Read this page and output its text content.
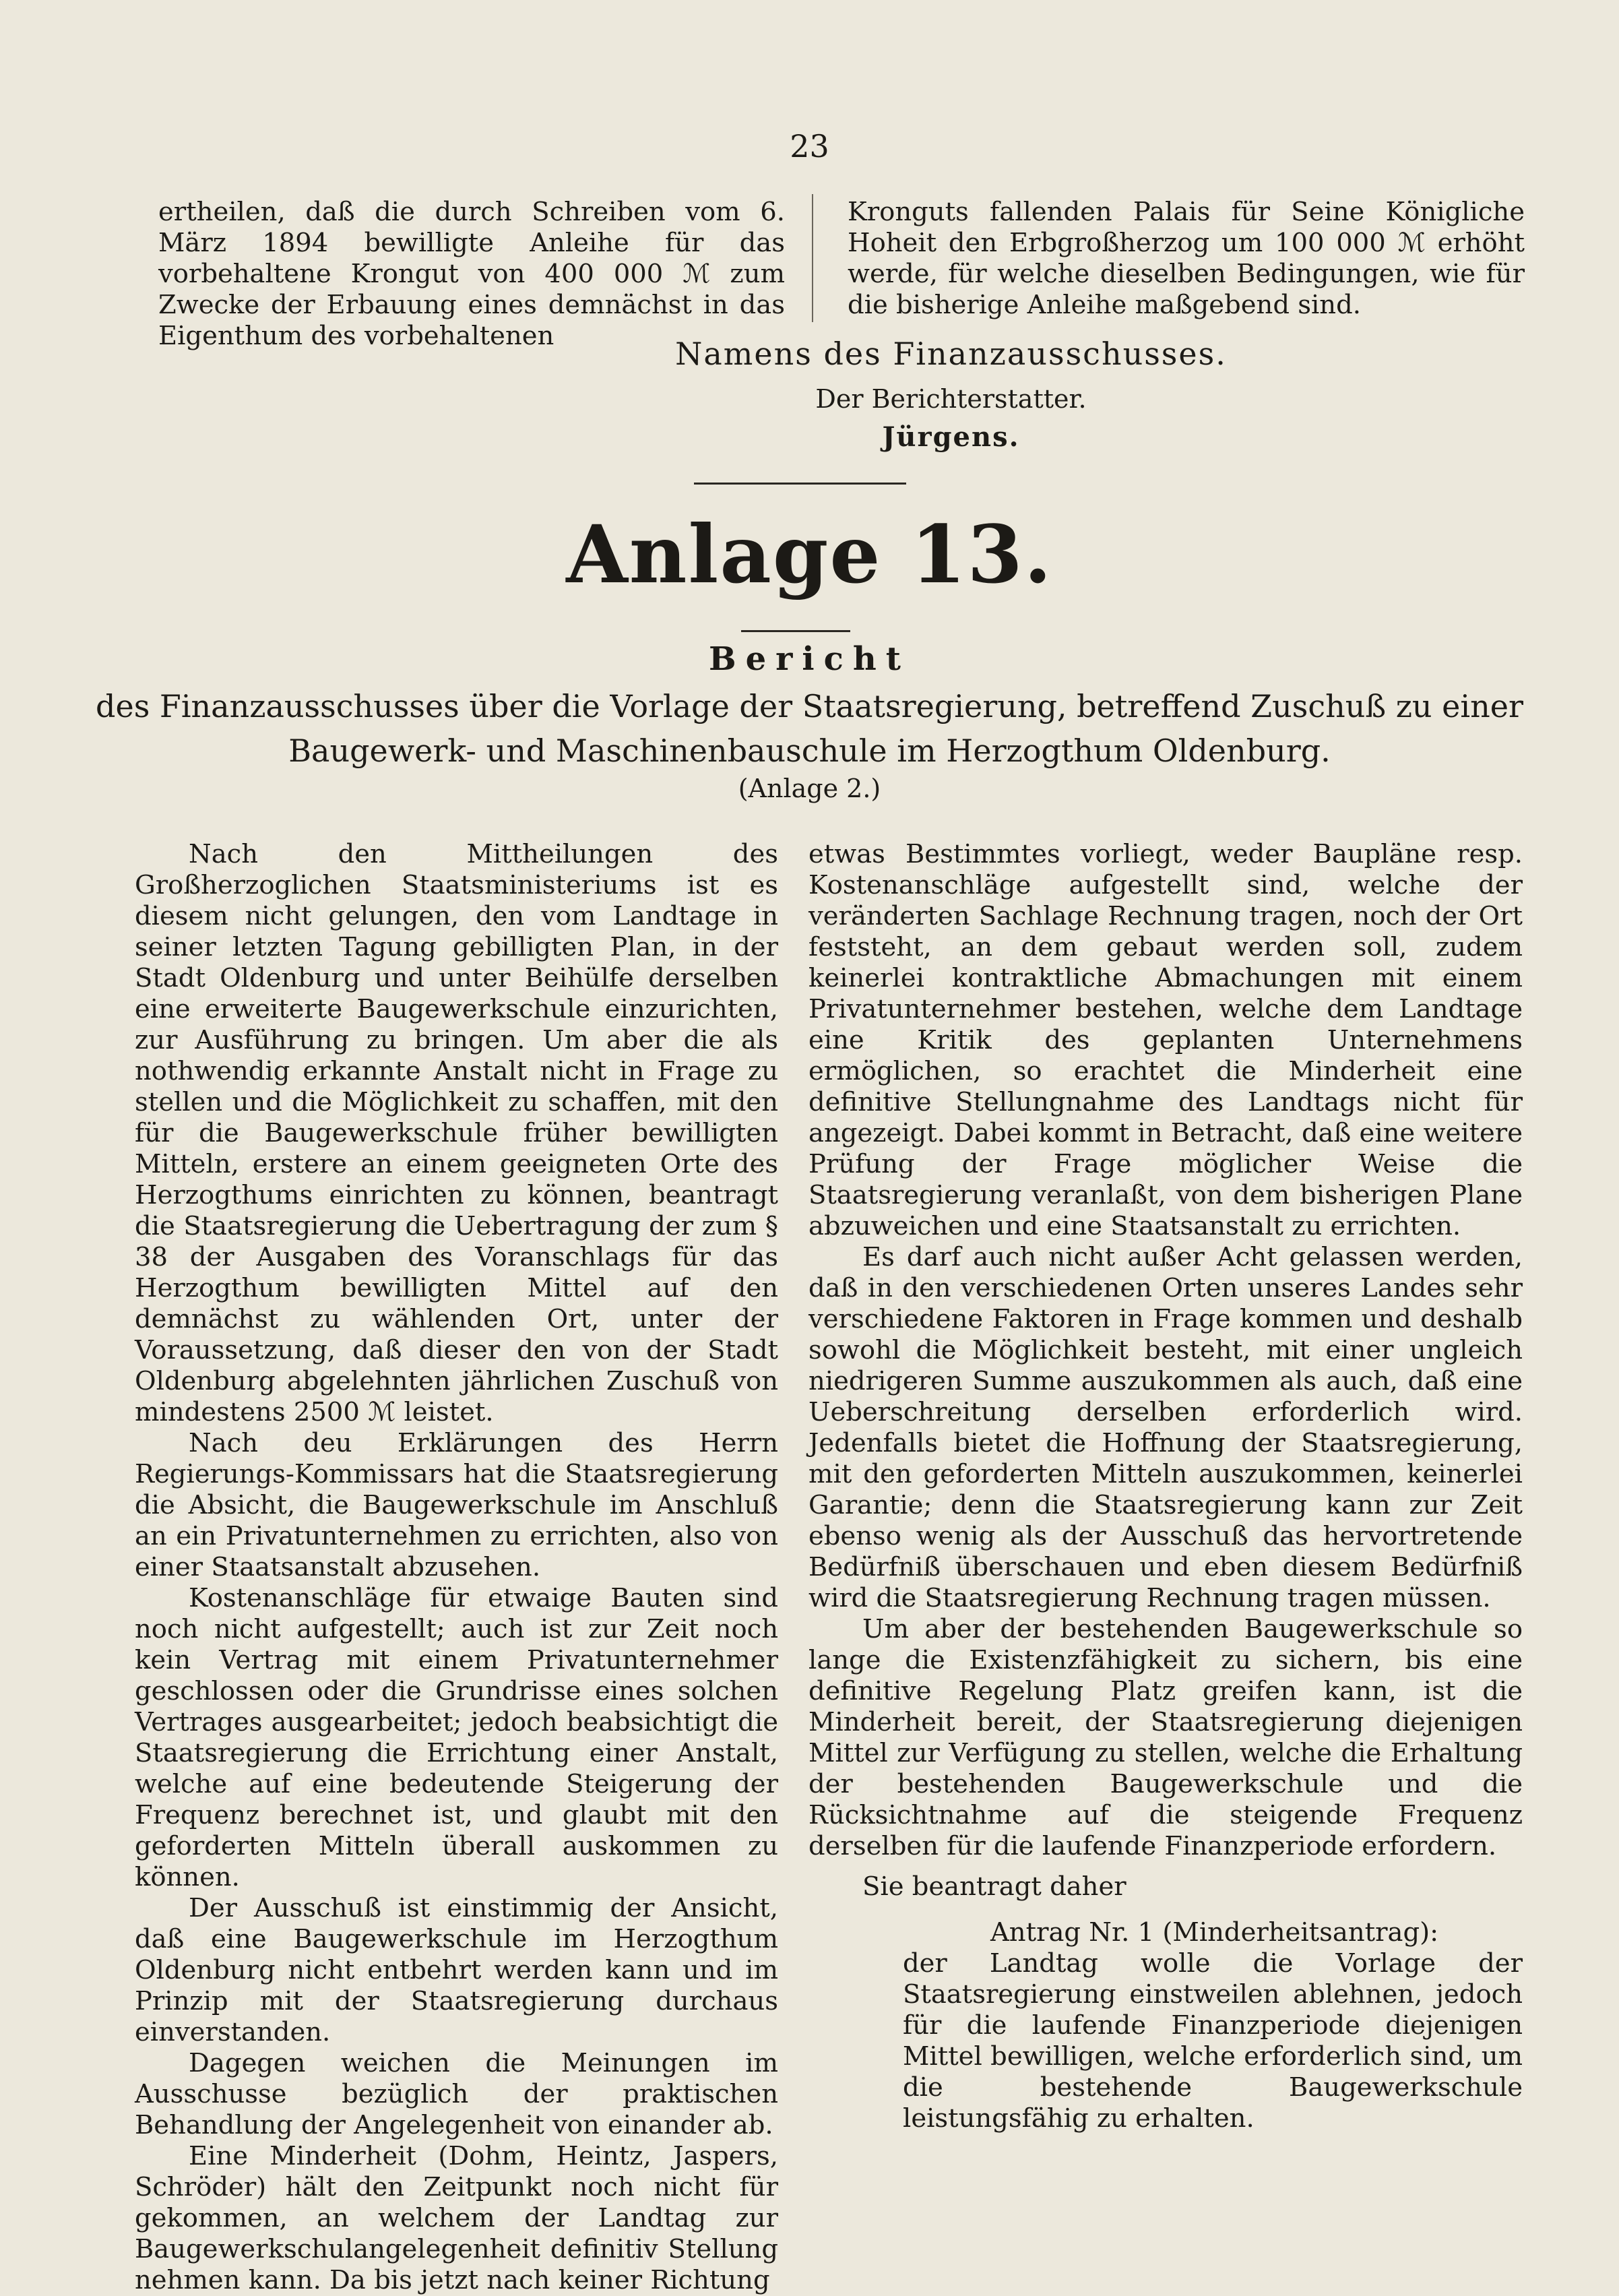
23

ertheilen, daß die durch Schreiben vom 6. März 1894 bewilligte Anleihe für das vorbehaltene Krongut von 400 000 ℳ zum Zwecke der Erbauung eines demnächst in das Eigenthum des vorbehaltenen

Kronguts fallenden Palais für Seine Königliche Hoheit den Erbgroßherzog um 100 000 ℳ erhöht werde, für welche dieselben Bedingungen, wie für die bisherige Anleihe maßgebend sind.

Namens des Finanzausschusses.
Der Berichterstatter.
Jürgens.
Anlage 13.
Bericht
des Finanzausschusses über die Vorlage der Staatsregierung, betreffend Zuschuß zu einer Baugewerk- und Maschinenbauschule im Herzogthum Oldenburg.
(Anlage 2.)

Nach den Mittheilungen des Großherzoglichen Staatsministeriums ist es diesem nicht gelungen, den vom Landtage in seiner letzten Tagung gebilligten Plan, in der Stadt Oldenburg und unter Beihülfe derselben eine erweiterte Baugewerkschule einzurichten, zur Ausführung zu bringen. Um aber die als nothwendig erkannte Anstalt nicht in Frage zu stellen und die Möglichkeit zu schaffen, mit den für die Baugewerkschule früher bewilligten Mitteln, erstere an einem geeigneten Orte des Herzogthums einrichten zu können, beantragt die Staatsregierung die Uebertragung der zum § 38 der Ausgaben des Voranschlags für das Herzogthum bewilligten Mittel auf den demnächst zu wählenden Ort, unter der Voraussetzung, daß dieser den von der Stadt Oldenburg abgelehnten jährlichen Zuschuß von mindestens 2500 ℳ leistet.

Nach deu Erklärungen des Herrn Regierungs-Kommissars hat die Staatsregierung die Absicht, die Baugewerkschule im Anschluß an ein Privatunternehmen zu errichten, also von einer Staatsanstalt abzusehen.

Kostenanschläge für etwaige Bauten sind noch nicht aufgestellt; auch ist zur Zeit noch kein Vertrag mit einem Privatunternehmer geschlossen oder die Grundrisse eines solchen Vertrages ausgearbeitet; jedoch beabsichtigt die Staatsregierung die Errichtung einer Anstalt, welche auf eine bedeutende Steigerung der Frequenz berechnet ist, und glaubt mit den geforderten Mitteln überall auskommen zu können.

Der Ausschuß ist einstimmig der Ansicht, daß eine Baugewerkschule im Herzogthum Oldenburg nicht entbehrt werden kann und im Prinzip mit der Staatsregierung durchaus einverstanden.

Dagegen weichen die Meinungen im Ausschusse bezüglich der praktischen Behandlung der Angelegenheit von einander ab.

Eine Minderheit (Dohm, Heintz, Jaspers, Schröder) hält den Zeitpunkt noch nicht für gekommen, an welchem der Landtag zur Baugewerkschulangelegenheit definitiv Stellung nehmen kann. Da bis jetzt nach keiner Richtung

etwas Bestimmtes vorliegt, weder Baupläne resp. Kostenanschläge aufgestellt sind, welche der veränderten Sachlage Rechnung tragen, noch der Ort feststeht, an dem gebaut werden soll, zudem keinerlei kontraktliche Abmachungen mit einem Privatunternehmer bestehen, welche dem Landtage eine Kritik des geplanten Unternehmens ermöglichen, so erachtet die Minderheit eine definitive Stellungnahme des Landtags nicht für angezeigt. Dabei kommt in Betracht, daß eine weitere Prüfung der Frage möglicher Weise die Staatsregierung veranlaßt, von dem bisherigen Plane abzuweichen und eine Staatsanstalt zu errichten.

Es darf auch nicht außer Acht gelassen werden, daß in den verschiedenen Orten unseres Landes sehr verschiedene Faktoren in Frage kommen und deshalb sowohl die Möglichkeit besteht, mit einer ungleich niedrigeren Summe auszukommen als auch, daß eine Ueberschreitung derselben erforderlich wird. Jedenfalls bietet die Hoffnung der Staatsregierung, mit den geforderten Mitteln auszukommen, keinerlei Garantie; denn die Staatsregierung kann zur Zeit ebenso wenig als der Ausschuß das hervortretende Bedürfniß überschauen und eben diesem Bedürfniß wird die Staatsregierung Rechnung tragen müssen.

Um aber der bestehenden Baugewerkschule so lange die Existenzfähigkeit zu sichern, bis eine definitive Regelung Platz greifen kann, ist die Minderheit bereit, der Staatsregierung diejenigen Mittel zur Verfügung zu stellen, welche die Erhaltung der bestehenden Baugewerkschule und die Rücksichtnahme auf die steigende Frequenz derselben für die laufende Finanzperiode erfordern.

Sie beantragt daher

Antrag Nr. 1 (Minderheitsantrag):

der Landtag wolle die Vorlage der Staatsregierung einstweilen ablehnen, jedoch für die laufende Finanzperiode diejenigen Mittel bewilligen, welche erforderlich sind, um die bestehende Baugewerkschule leistungsfähig zu erhalten.
